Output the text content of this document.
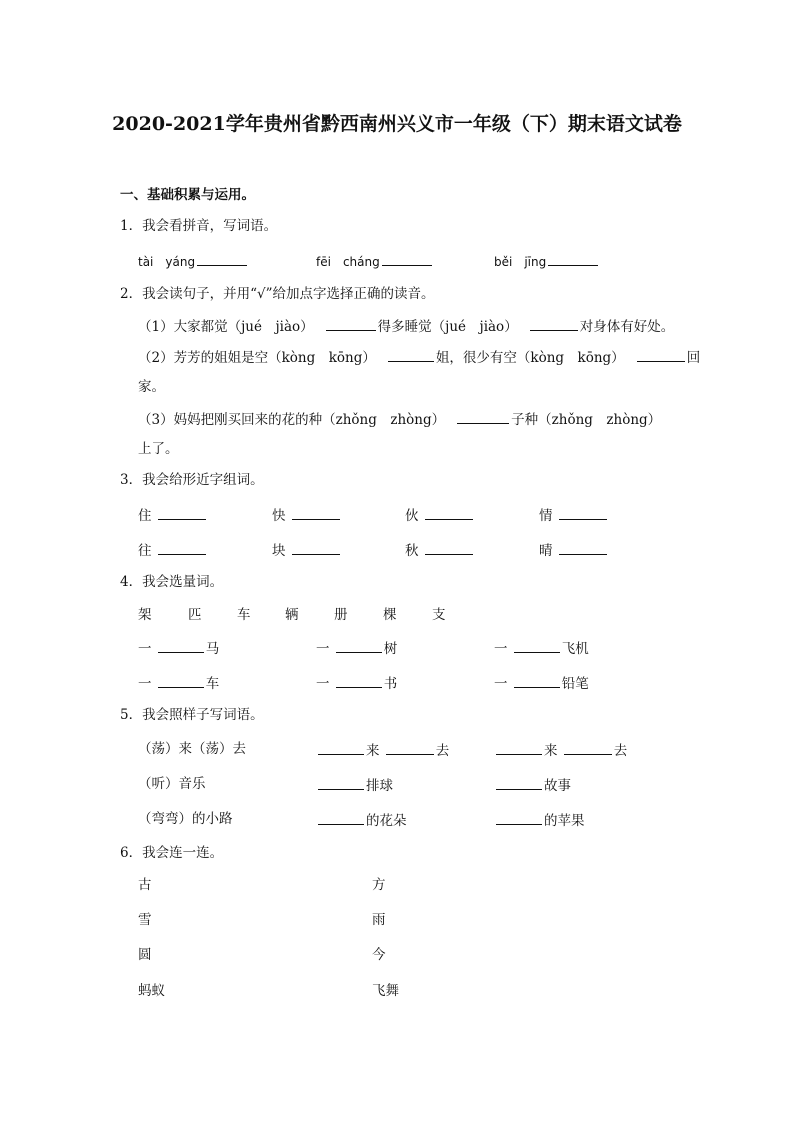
2020-2021学年贵州省黔西南州兴义市一年级（下）期末语文试卷
一、基础积累与运用。
1．我会看拼音，写词语。
tài yáng	fēi cháng	běi jīng
2．我会读句子，并用“√”给加点字选择正确的读音。
（1）大家都觉（jué　jiào）	得多睡觉（jué　jiào）	对身体有好处。
（2）芳芳的姐姐是空（kòng　kōng）	姐，很少有空（kòng　kōng）	回
家。
（3）妈妈把刚买回来的花的种（zhǒng　zhòng）	子种（zhǒng　zhòng）
上了。
3．我会给形近字组词。
住	快	伙	情
往	块	秋	晴
4．我会选量词。
架	匹	车	辆	册	棵	支
一	马	一	树	一	飞机
一	车	一	书	一	铅笔
5．我会照样子写词语。
（荡）来（荡）去	来	去	来	去
（听）音乐	排球	故事
（弯弯）的小路	的花朵	的苹果
6．我会连一连。
古	方
雪	雨
圆	今
蚂蚁	飞舞
